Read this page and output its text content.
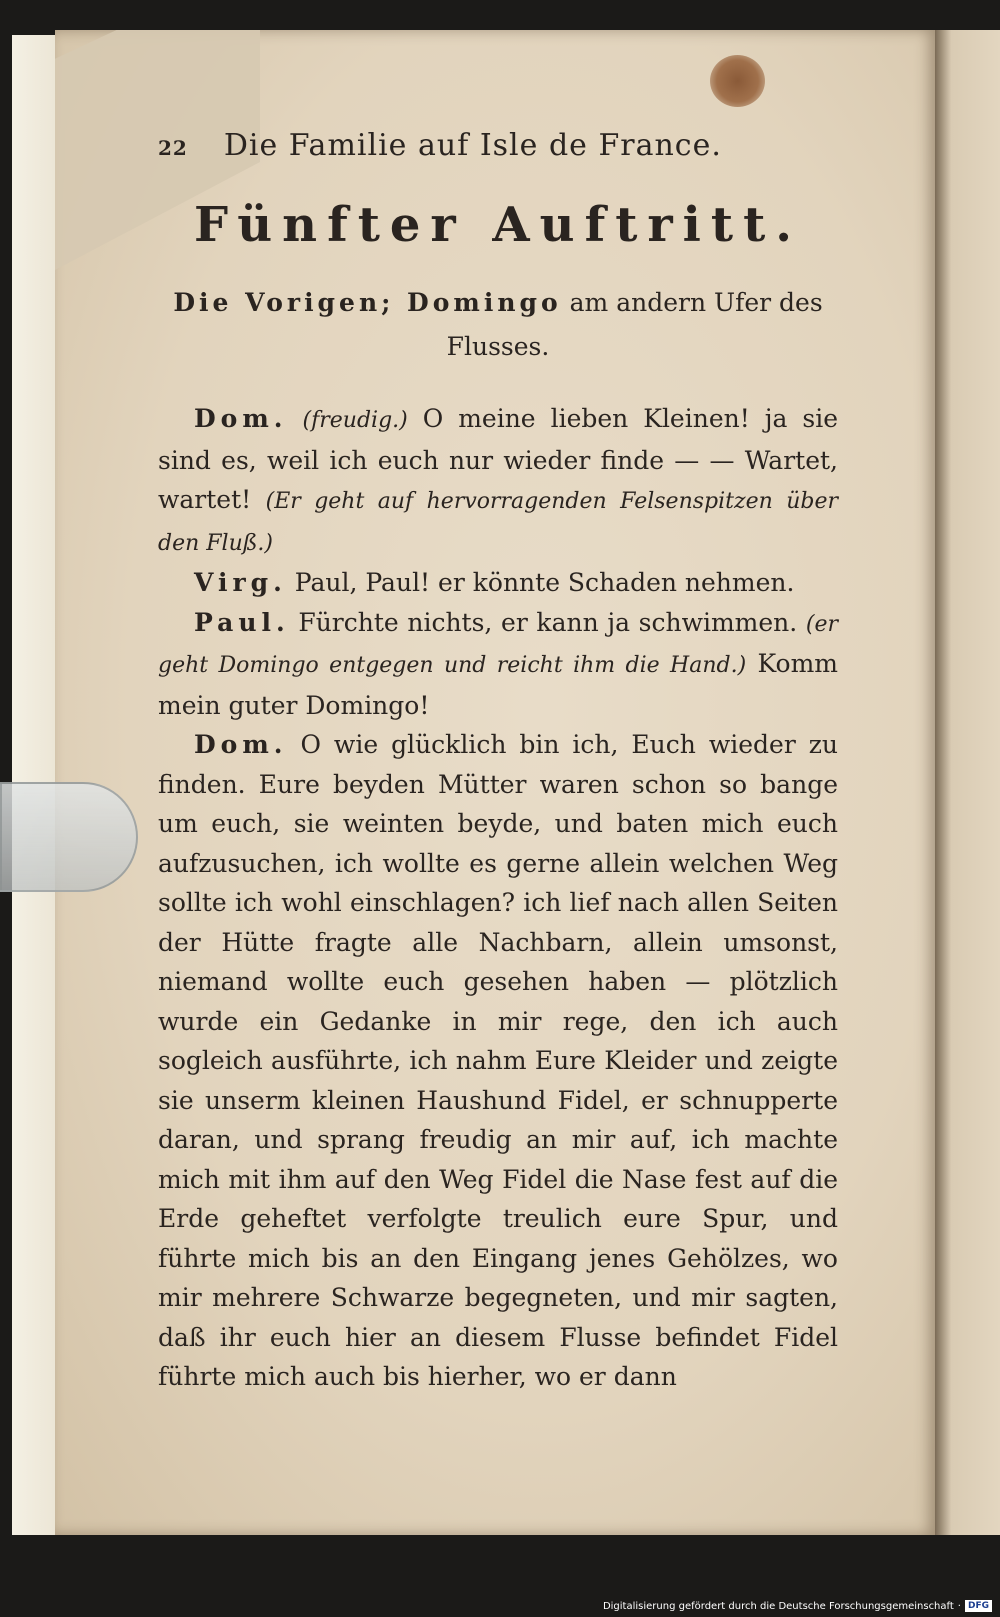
22 Die Familie auf Isle de France.
Fünfter Auftritt.
Die Vorigen; Domingo am andern Ufer des Flusses.

Dom. (freudig.) O meine lieben Kleinen! ja sie sind es, weil ich euch nur wieder finde — — Wartet, wartet! (Er geht auf hervorragenden Felsenspitzen über den Fluß.)

Virg. Paul, Paul! er könnte Schaden nehmen.

Paul. Fürchte nichts, er kann ja schwimmen. (er geht Domingo entgegen und reicht ihm die Hand.) Komm mein guter Domingo!

Dom. O wie glücklich bin ich, Euch wieder zu finden. Eure beyden Mütter waren schon so bange um euch, sie weinten beyde, und baten mich euch aufzusuchen, ich wollte es gerne allein welchen Weg sollte ich wohl einschlagen? ich lief nach allen Seiten der Hütte fragte alle Nachbarn, allein umsonst, niemand wollte euch gesehen haben — plötzlich wurde ein Gedanke in mir rege, den ich auch sogleich ausführte, ich nahm Eure Kleider und zeigte sie unserm kleinen Haushund Fidel, er schnupperte daran, und sprang freudig an mir auf, ich machte mich mit ihm auf den Weg Fidel die Nase fest auf die Erde geheftet verfolgte treulich eure Spur, und führte mich bis an den Eingang jenes Gehölzes, wo mir mehrere Schwarze begegneten, und mir sagten, daß ihr euch hier an diesem Flusse befindet Fidel führte mich auch bis hierher, wo er dann

Digitalisierung gefördert durch die Deutsche Forschungsgemeinschaft · DFG
